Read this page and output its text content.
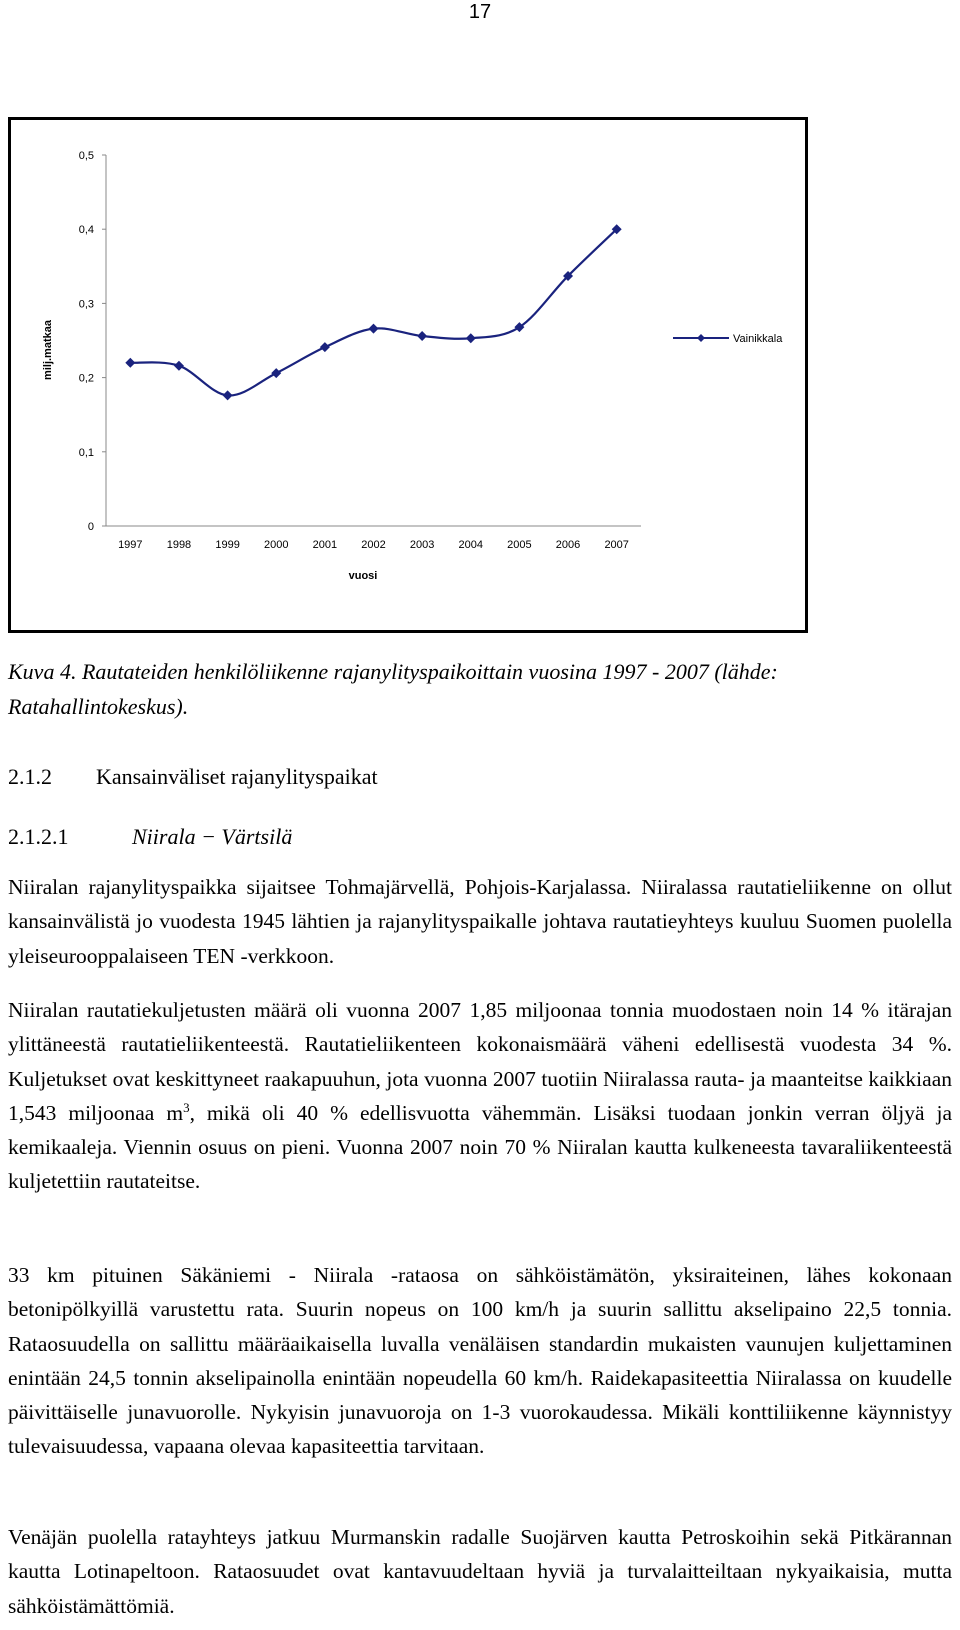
17
0
0,1
0,2
0,3
0,4
0,5
1997 1998 1999 2000 2001 2002 2003 2004 2005 2006 2007
milj.matkaa
vuosi
Vainikkala

Kuva 4. Rautateiden henkilöliikenne rajanylityspaikoittain vuosina 1997 - 2007 (lähde: Ratahallintokeskus).

2.1.2 Kansainväliset rajanylityspaikat
2.1.2.1	Niirala − Värtsilä

Niiralan rajanylityspaikka sijaitsee Tohmajärvellä, Pohjois-Karjalassa. Niiralassa rautatieliikenne on ollut kansainvälistä jo vuodesta 1945 lähtien ja rajanylityspaikalle johtava rautatieyhteys kuuluu Suomen puolella yleiseurooppalaiseen TEN -verkkoon.

Niiralan rautatiekuljetusten määrä oli vuonna 2007 1,85 miljoonaa tonnia muodostaen noin 14 % itärajan ylittäneestä rautatieliikenteestä. Rautatieliikenteen kokonaismäärä väheni edellisestä vuodesta 34 %. Kuljetukset ovat keskittyneet raakapuuhun, jota vuonna 2007 tuotiin Niiralassa rauta- ja maanteitse kaikkiaan 1,543 miljoonaa $m^3$, mikä oli 40 % edellisvuotta vähemmän. Lisäksi tuodaan jonkin verran öljyä ja kemikaaleja. Viennin osuus on pieni. Vuonna 2007 noin 70 % Niiralan kautta kulkeneesta tavaraliikenteestä kuljetettiin rautateitse.

33 km pituinen Säkäniemi - Niirala -rataosa on sähköistämätön, yksiraiteinen, lähes kokonaan betonipölkyillä varustettu rata. Suurin nopeus on 100 km/h ja suurin sallittu akselipaino 22,5 tonnia. Rataosuudella on sallittu määräaikaisella luvalla venäläisen standardin mukaisten vaunujen kuljettaminen enintään 24,5 tonnin akselipainolla enintään nopeudella 60 km/h. Raidekapasiteettia Niiralassa on kuudelle päivittäiselle junavuorolle. Nykyisin junavuoroja on 1-3 vuorokaudessa. Mikäli konttiliikenne käynnistyy tulevaisuudessa, vapaana olevaa kapasiteettia tarvitaan.

Venäjän puolella ratayhteys jatkuu Murmanskin radalle Suojärven kautta Petroskoihin sekä Pitkärannan kautta Lotinapeltoon. Rataosuudet ovat kantavuudeltaan hyviä ja turvalaitteiltaan nykyaikaisia, mutta sähköistämättömiä.
